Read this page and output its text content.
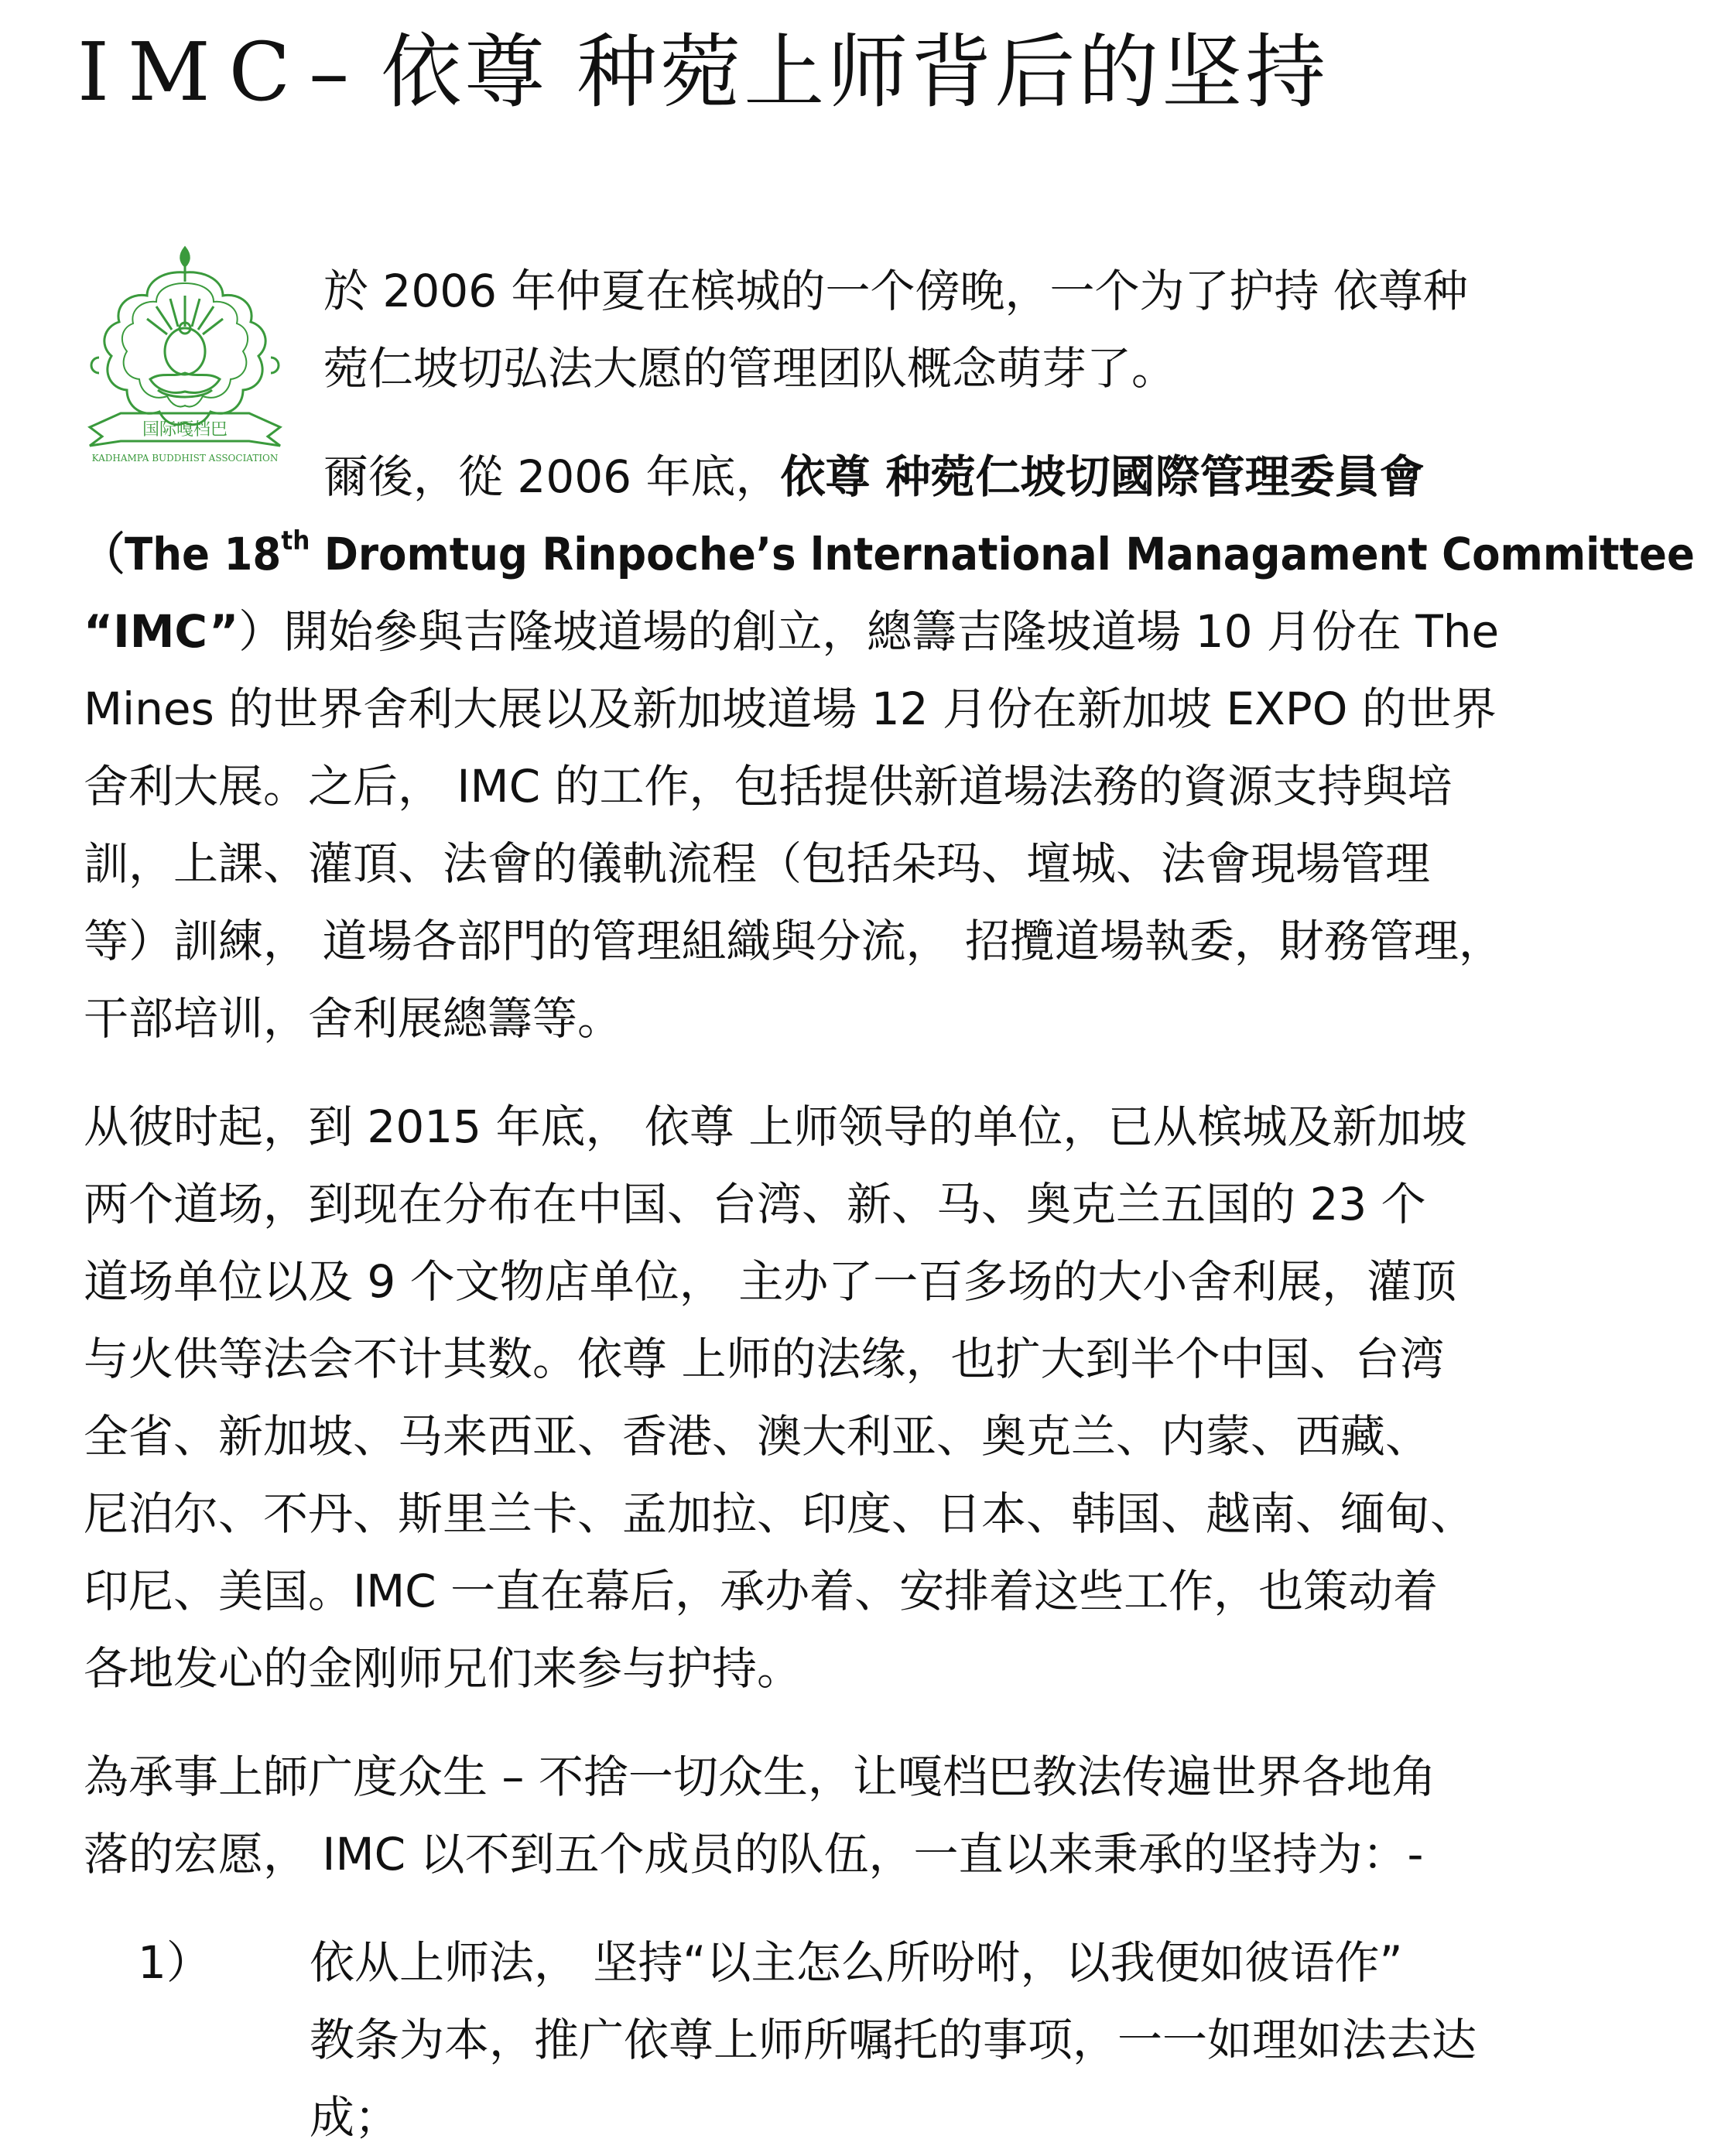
IMC– 依尊 种菀上师背后的坚持
国际嘎档巴
KADHAMPA BUDDHIST ASSOCIATION
於 2006 年仲夏在槟城的一个傍晚，一个为了护持 依尊种
菀仁坡切弘法大愿的管理团队概念萌芽了。
爾後，從 2006 年底，依尊 种菀仁坡切國際管理委員會
（The 18th Dromtug Rinpoche’s lnternational Managament Committee
“IMC”）開始參與吉隆坡道場的創立，總籌吉隆坡道場 10 月份在 The
Mines 的世界舍利大展以及新加坡道場 12 月份在新加坡 EXPO 的世界
舍利大展。之后， IMC 的工作，包括提供新道場法務的資源支持與培
訓，上課、灌頂、法會的儀軌流程（包括朵玛、壇城、法會現場管理
等）訓練， 道場各部門的管理組織與分流， 招攬道場執委，財務管理，
干部培训，舍利展總籌等。
从彼时起，到 2015 年底， 依尊 上师领导的单位，已从槟城及新加坡
两个道场，到现在分布在中国、台湾、新、马、奥克兰五国的 23 个
道场单位以及 9 个文物店单位， 主办了一百多场的大小舍利展，灌顶
与火供等法会不计其数。依尊 上师的法缘，也扩大到半个中国、台湾
全省、新加坡、马来西亚、香港、澳大利亚、奥克兰、内蒙、西藏、
尼泊尔、不丹、斯里兰卡、孟加拉、印度、日本、韩国、越南、缅甸、
印尼、美国。IMC 一直在幕后，承办着、安排着这些工作，也策动着
各地发心的金刚师兄们来参与护持。
為承事上師广度众生 – 不捨一切众生，让嘎档巴教法传遍世界各地角
落的宏愿， IMC 以不到五个成员的队伍，一直以来秉承的坚持为：-
1） 依从上师法， 坚持“以主怎么所吩咐，以我便如彼语作”
教条为本，推广依尊上师所嘱托的事项，一一如理如法去达
成；
